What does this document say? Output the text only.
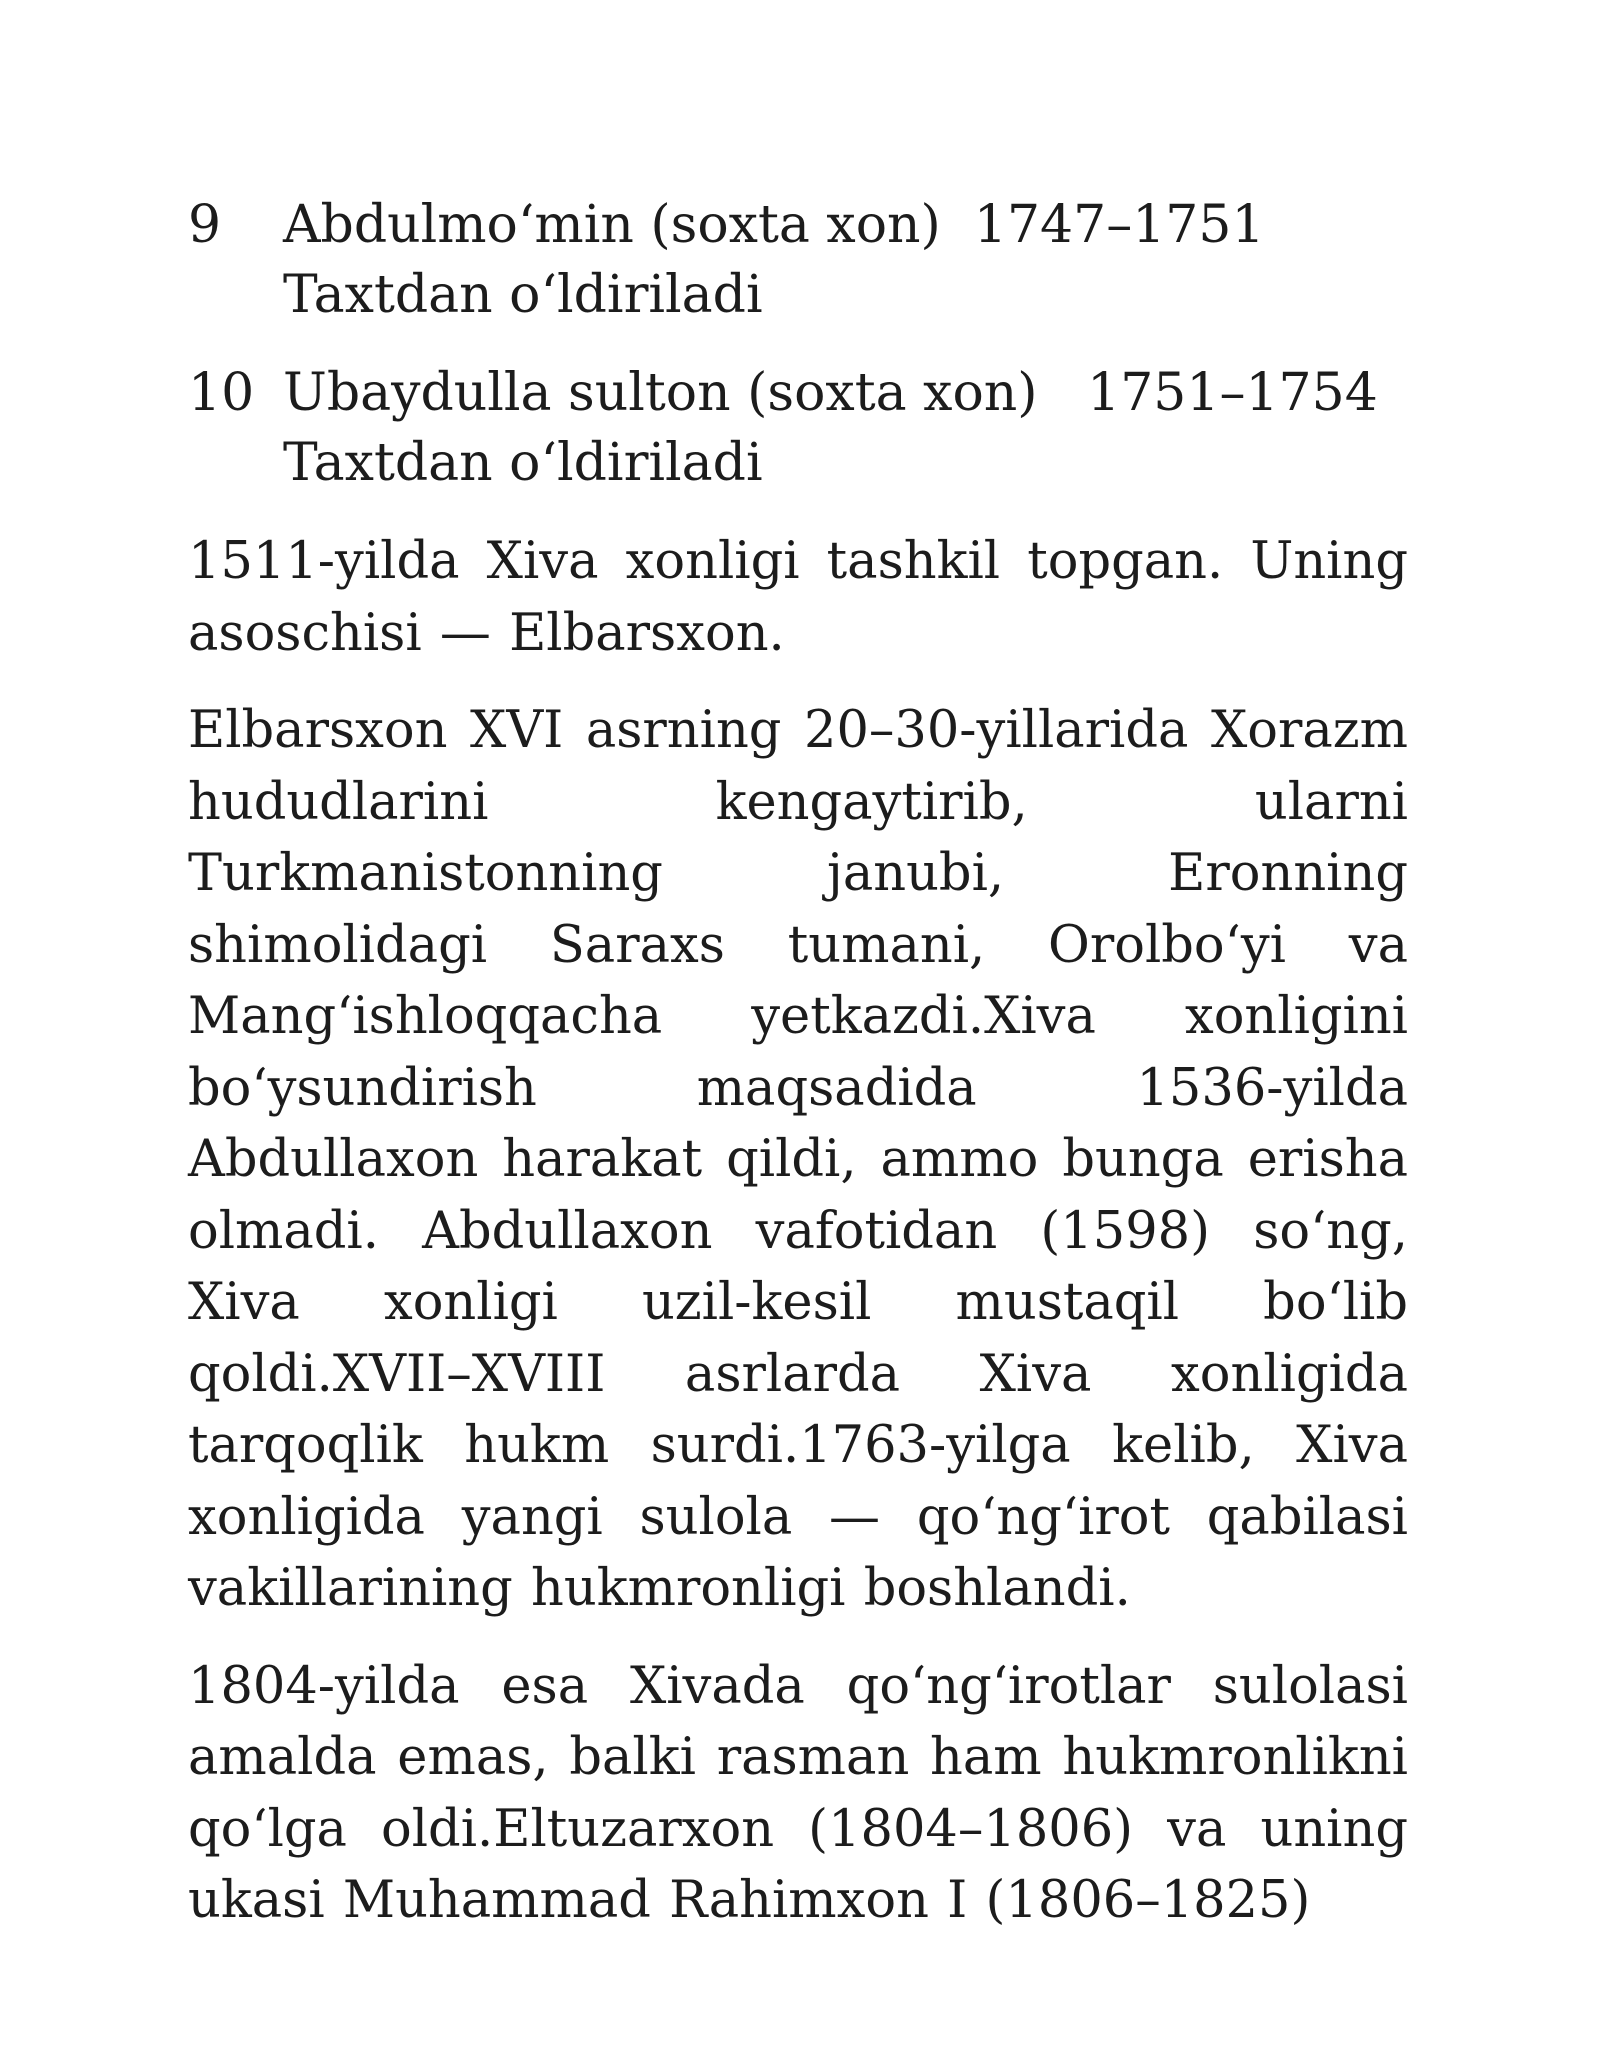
9 Abdulmo‘min (soxta xon) 1747–1751
Taxtdan o‘ldiriladi
10 Ubaydulla sulton (soxta xon) 1751–1754
Taxtdan o‘ldiriladi

1511-yilda Xiva xonligi tashkil topgan. Uning asoschisi — Elbarsxon.

Elbarsxon XVI asrning 20–30-yillarida Xorazm hududlarini kengaytirib, ularni Turkmanistonning janubi, Eronning shimolidagi Saraxs tumani, Orolbo‘yi va Mang‘ishloqqacha yetkazdi.Xiva xonligini bo‘ysundirish maqsadida 1536-yilda Abdullaxon harakat qildi, ammo bunga erisha olmadi. Abdullaxon vafotidan (1598) so‘ng, Xiva xonligi uzil-kesil mustaqil bo‘lib qoldi.XVII–XVIII asrlarda Xiva xonligida tarqoqlik hukm surdi.1763-yilga kelib, Xiva xonligida yangi sulola — qo‘ng‘irot qabilasi vakillarining hukmronligi boshlandi.

1804-yilda esa Xivada qo‘ng‘irotlar sulolasi amalda emas, balki rasman ham hukmronlikni qo‘lga oldi.Eltuzarxon (1804–1806) va uning ukasi Muhammad Rahimxon I (1806–1825)
